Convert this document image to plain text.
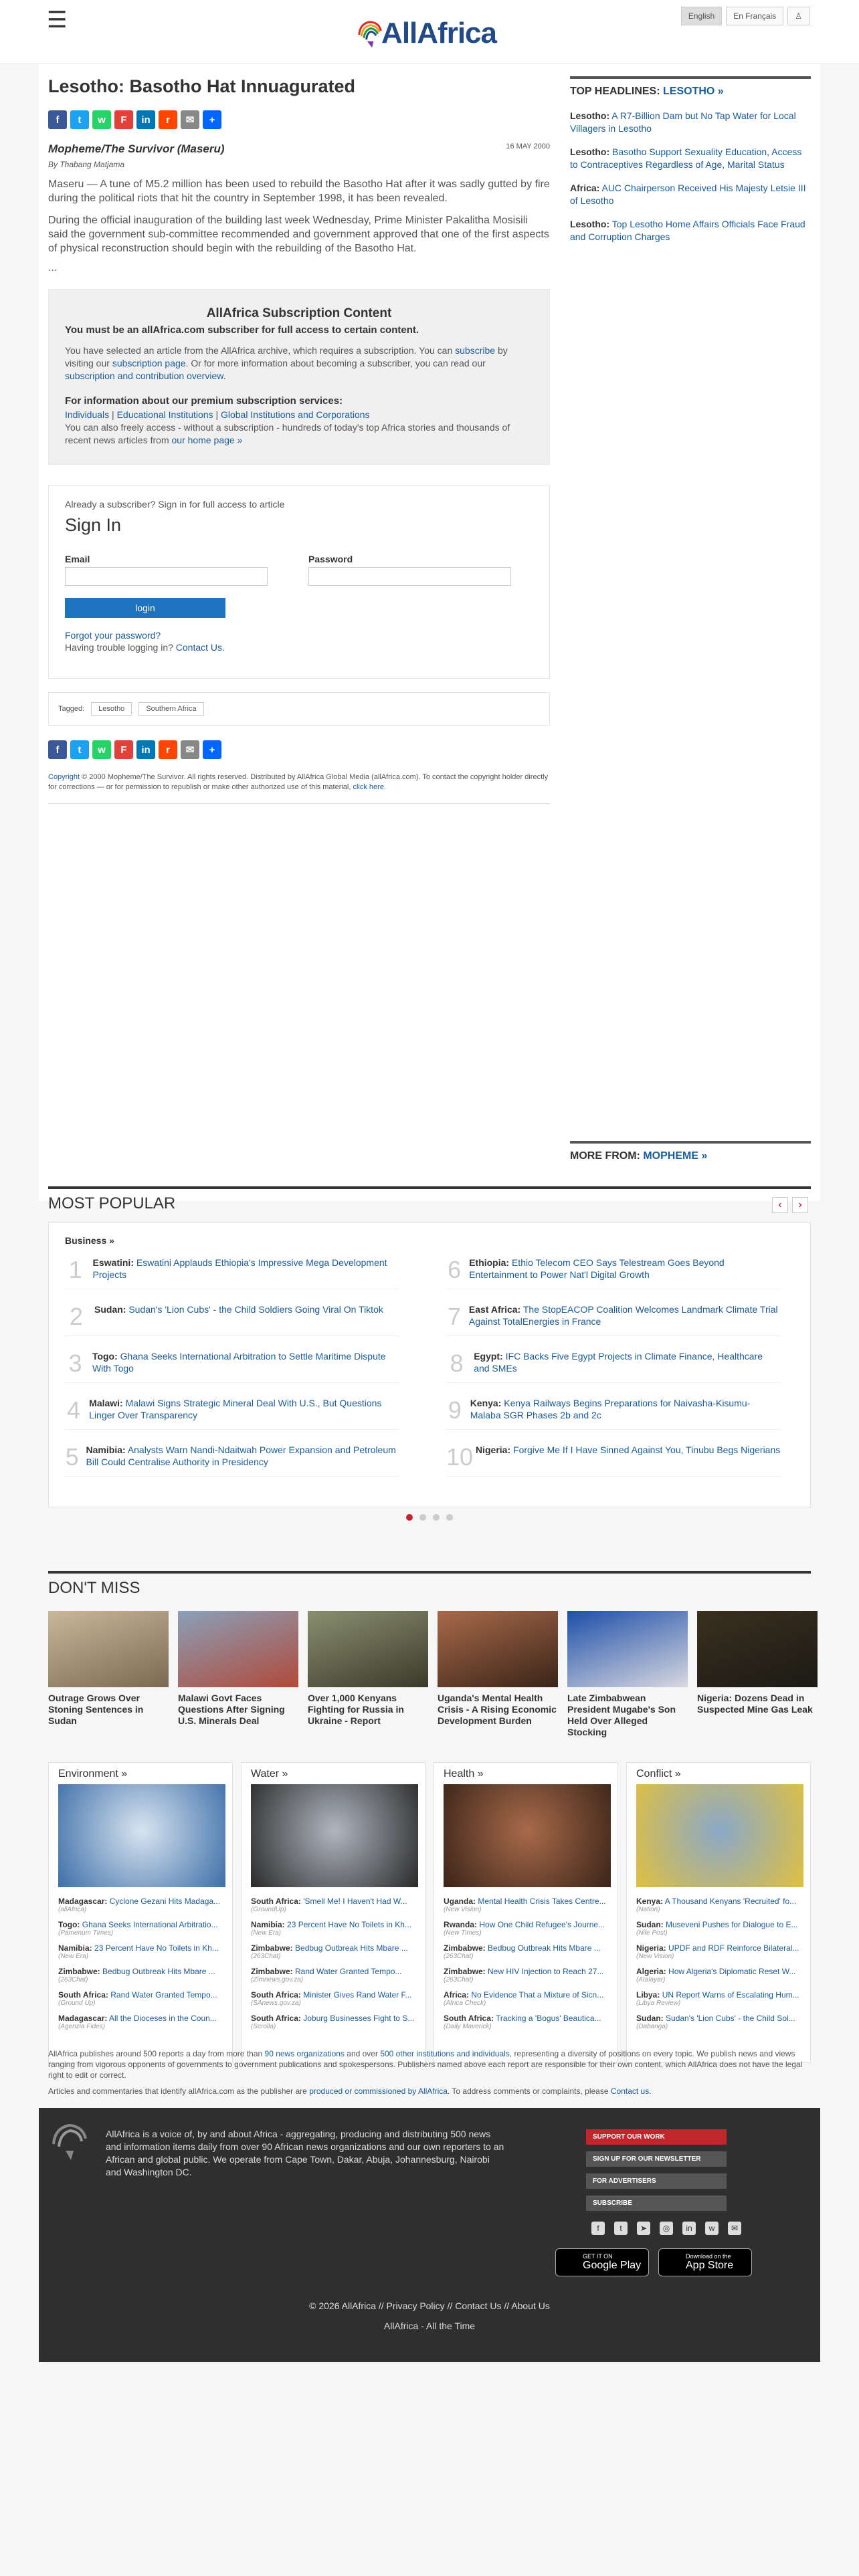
☰	AllAfrica
English	En Français	♙
Lesotho: Basotho Hat Innuagurated
f	t	w	F	in	r	✉	+
Mopheme/The Survivor (Maseru)	16 MAY 2000
By Thabang Matjama

Maseru — A tune of M5.2 million has been used to rebuild the Basotho Hat after it was sadly gutted by fire during the political riots that hit the country in September 1998, it has been revealed.

During the official inauguration of the building last week Wednesday, Prime Minister Pakalitha Mosisili said the government sub-committee recommended and government approved that one of the first aspects of physical reconstruction should begin with the rebuilding of the Basotho Hat.

...
AllAfrica Subscription Content
You must be an allAfrica.com subscriber for full access to certain content.
You have selected an article from the AllAfrica archive, which requires a subscription. You can subscribe by visiting our subscription page. Or for more information about becoming a subscriber, you can read our subscription and contribution overview.
For information about our premium subscription services:
Individuals | Educational Institutions | Global Institutions and Corporations
You can also freely access - without a subscription - hundreds of today's top Africa stories and thousands of recent news articles from our home page »
Already a subscriber? Sign in for full access to article
Sign In
Email	Password
login
Forgot your password?
Having trouble logging in? Contact Us.
Tagged:	Lesotho	Southern Africa
f	t	w	F	in	r	✉	+
Copyright © 2000 Mopheme/The Survivor. All rights reserved. Distributed by AllAfrica Global Media (allAfrica.com). To contact the copyright holder directly for corrections — or for permission to republish or make other authorized use of this material, click here.
TOP HEADLINES: LESOTHO »
Lesotho: A R7-Billion Dam but No Tap Water for Local Villagers in Lesotho
Lesotho: Basotho Support Sexuality Education, Access to Contraceptives Regardless of Age, Marital Status
Africa: AUC Chairperson Received His Majesty Letsie III of Lesotho
Lesotho: Top Lesotho Home Affairs Officials Face Fraud and Corruption Charges
MORE FROM: MOPHEME »
MOST POPULAR	‹	›
Business »
1	Eswatini: Eswatini Applauds Ethiopia's Impressive Mega Development Projects
2	Sudan: Sudan's 'Lion Cubs' - the Child Soldiers Going Viral On Tiktok
3	Togo: Ghana Seeks International Arbitration to Settle Maritime Dispute With Togo
4 Malawi: Malawi Signs Strategic Mineral Deal With U.S., But Questions Linger Over Transparency
5 Namibia: Analysts Warn Nandi-Ndaitwah Power Expansion and Petroleum Bill Could Centralise Authority in Presidency
6 Ethiopia: Ethio Telecom CEO Says Telestream Goes Beyond Entertainment to Power Nat'l Digital Growth
7 East Africa: The StopEACOP Coalition Welcomes Landmark Climate Trial Against TotalEnergies in France
8	Egypt: IFC Backs Five Egypt Projects in Climate Finance, Healthcare and SMEs
9 Kenya: Kenya Railways Begins Preparations for Naivasha-Kisumu-Malaba SGR Phases 2b and 2c
10 Nigeria: Forgive Me If I Have Sinned Against You, Tinubu Begs Nigerians
DON'T MISS
Outrage Grows Over Stoning Sentences in Sudan
Malawi Govt Faces Questions After Signing U.S. Minerals Deal
Over 1,000 Kenyans Fighting for Russia in Ukraine - Report
Uganda's Mental Health Crisis - A Rising Economic Development Burden
Late Zimbabwean President Mugabe's Son Held Over Alleged Stocking
Nigeria: Dozens Dead in Suspected Mine Gas Leak
Environment »
Madagascar: Cyclone Gezani Hits Madaga...
(allAfrica)
Togo: Ghana Seeks International Arbitratio...
(Pamenum Times)
Namibia: 23 Percent Have No Toilets in Kh...
(New Era)
Zimbabwe: Bedbug Outbreak Hits Mbare ...
(263Chat)
South Africa: Rand Water Granted Tempo...
(Ground Up)
Madagascar: All the Dioceses in the Coun...
(Agenzia Fides)
Water »
South Africa: 'Smell Me! I Haven't Had W...
(GroundUp)
Namibia: 23 Percent Have No Toilets in Kh...
(New Era)
Zimbabwe: Bedbug Outbreak Hits Mbare ...
(263Chat)
Zimbabwe: Rand Water Granted Tempo...
(Zimnews.gov.za)
South Africa: Minister Gives Rand Water F...
(SAnews.gov.za)
South Africa: Joburg Businesses Fight to S...
(Scrolla)
Health »
Uganda: Mental Health Crisis Takes Centre...
(New Vision)
Rwanda: How One Child Refugee's Journe...
(New Times)
Zimbabwe: Bedbug Outbreak Hits Mbare ...
(263Chat)
Zimbabwe: New HIV Injection to Reach 27...
(263Chat)
Africa: No Evidence That a Mixture of Sicn...
(Africa Check)
South Africa: Tracking a 'Bogus' Beautica...
(Daily Maverick)
Conflict »
Kenya: A Thousand Kenyans 'Recruited' fo...
(Nation)
Sudan: Museveni Pushes for Dialogue to E...
(Nile Post)
Nigeria: UPDF and RDF Reinforce Bilateral...
(New Vision)
Algeria: How Algeria's Diplomatic Reset W...
(Atalayar)
Libya: UN Report Warns of Escalating Hum...
(Libya Review)
Sudan: Sudan's 'Lion Cubs' - the Child Sol...
(Dabanga)

AllAfrica publishes around 500 reports a day from more than 90 news organizations and over 500 other institutions and individuals, representing a diversity of positions on every topic. We publish news and views ranging from vigorous opponents of governments to government publications and spokespersons. Publishers named above each report are responsible for their own content, which AllAfrica does not have the legal right to edit or correct.

Articles and commentaries that identify allAfrica.com as the publisher are produced or commissioned by AllAfrica. To address comments or complaints, please Contact us.

AllAfrica is a voice of, by and about Africa - aggregating, producing and distributing 500 news and information items daily from over 90 African news organizations and our own reporters to an African and global public. We operate from Cape Town, Dakar, Abuja, Johannesburg, Nairobi and Washington DC.
SUPPORT OUR WORK
SIGN UP FOR OUR NEWSLETTER
FOR ADVERTISERS
SUBSCRIBE
f	t	➤	◎	in	w	✉
GET IT ON
Google Play
Download on the
App Store
© 2026 AllAfrica // Privacy Policy // Contact Us // About Us
AllAfrica - All the Time
